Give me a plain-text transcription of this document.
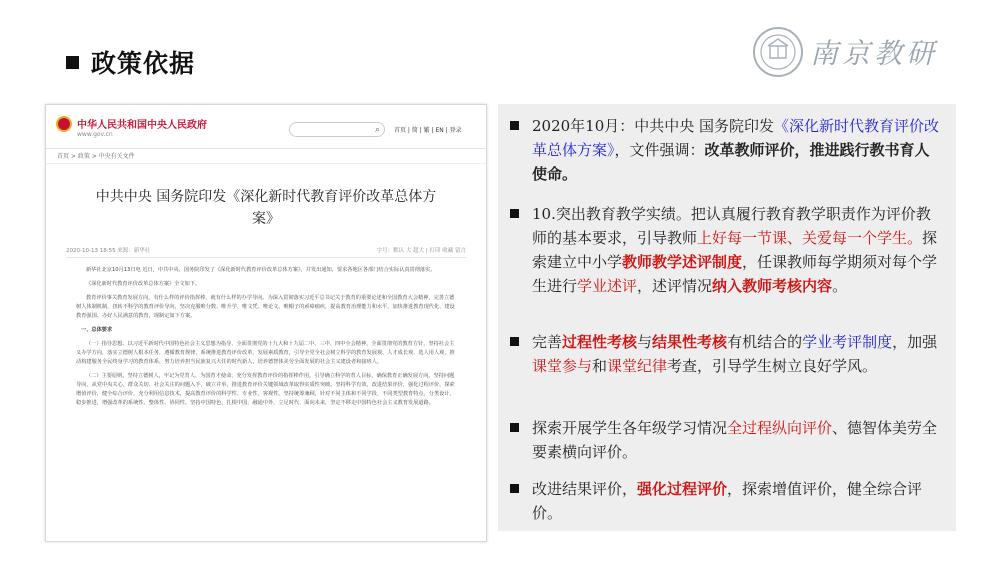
政策依据	南京教研
中华人民共和国中央人民政府
www.gov.cn	⌕ 首页 | 简 | 繁 | EN | 登录
首页 > 政策 > 中央有关文件
中共中央 国务院印发《深化新时代教育评价改革总体方案》
2020-10-13 18:55 来源：新华社	字号：默认 大 超大 | 打印 收藏 留言

新华社北京10月13日电 近日，中共中央、国务院印发了《深化新时代教育评价改革总体方案》，并发出通知，要求各地区各部门结合实际认真贯彻落实。

《深化新时代教育评价改革总体方案》全文如下。

教育评价事关教育发展方向，有什么样的评价指挥棒，就有什么样的办学导向。为深入贯彻落实习近平总书记关于教育的重要论述和全国教育大会精神，完善立德树人体制机制，扭转不科学的教育评价导向，坚决克服唯分数、唯升学、唯文凭、唯论文、唯帽子的顽瘴痼疾，提高教育治理能力和水平，加快推进教育现代化、建设教育强国、办好人民满意的教育，现制定如下方案。

一、总体要求

（一）指导思想。以习近平新时代中国特色社会主义思想为指导，全面贯彻党的十九大和十九届二中、三中、四中全会精神，全面贯彻党的教育方针，坚持社会主义办学方向，落实立德树人根本任务，遵循教育规律，系统推进教育评价改革，发展素质教育，引导全党全社会树立科学的教育发展观、人才成长观、选人用人观，推动构建服务全民终身学习的教育体系，努力培养担当民族复兴大任的时代新人，培养德智体美劳全面发展的社会主义建设者和接班人。

（二）主要原则。坚持立德树人，牢记为党育人、为国育才使命，充分发挥教育评价的指挥棒作用，引导确立科学的育人目标，确保教育正确发展方向。坚持问题导向，从党中央关心、群众关切、社会关注的问题入手，破立并举，推进教育评价关键领域改革取得实质性突破。坚持科学有效，改进结果评价，强化过程评价，探索增值评价，健全综合评价，充分利用信息技术，提高教育评价的科学性、专业性、客观性。坚持统筹兼顾，针对不同主体和不同学段、不同类型教育特点，分类设计、稳步推进，增强改革的系统性、整体性、协同性。坚持中国特色，扎根中国、融通中外，立足时代、面向未来，坚定不移走中国特色社会主义教育发展道路。

2020年10月：中共中央 国务院印发《深化新时代教育评价改革总体方案》，文件强调：改革教师评价，推进践行教书育人使命。
10.突出教育教学实绩。把认真履行教育教学职责作为评价教师的基本要求，引导教师上好每一节课、关爱每一个学生。探索建立中小学教师教学述评制度，任课教师每学期须对每个学生进行学业述评，述评情况纳入教师考核内容。
完善过程性考核与结果性考核有机结合的学业考评制度，加强课堂参与和课堂纪律考查，引导学生树立良好学风。
探索开展学生各年级学习情况全过程纵向评价、德智体美劳全要素横向评价。
改进结果评价，强化过程评价，探索增值评价，健全综合评价。
